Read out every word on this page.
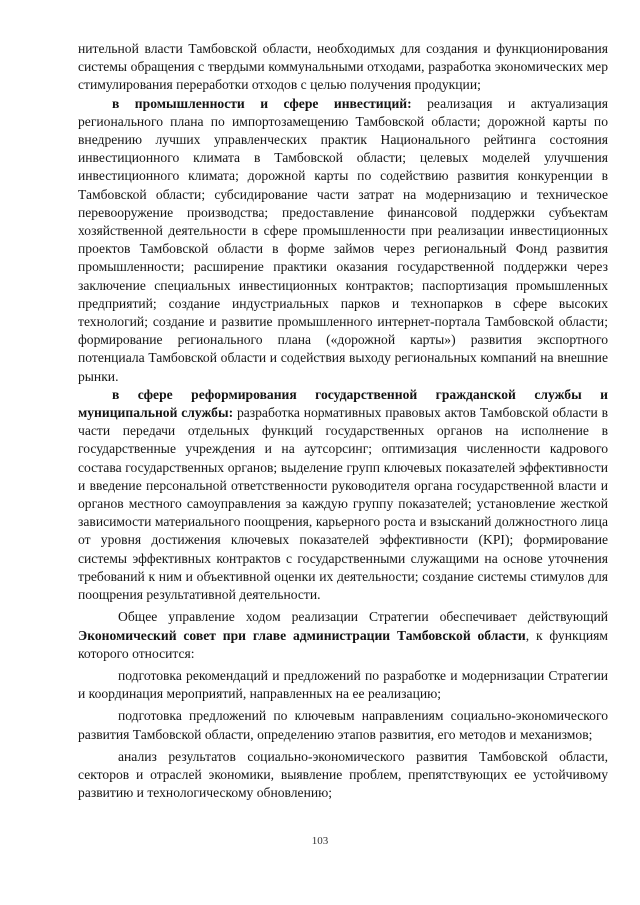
нительной власти Тамбовской области, необходимых для создания и функционирования системы обращения с твердыми коммунальными отходами, разработка экономических мер стимулирования переработки отходов с целью получения продукции;

в промышленности и сфере инвестиций: реализация и актуализация регионального плана по импортозамещению Тамбовской области; дорожной карты по внедрению лучших управленческих практик Национального рейтинга состояния инвестиционного климата в Тамбовской области; целевых моделей улучшения инвестиционного климата; дорожной карты по содействию развития конкуренции в Тамбовской области; субсидирование части затрат на модернизацию и техническое перевооружение производства; предоставление финансовой поддержки субъектам хозяйственной деятельности в сфере промышленности при реализации инвестиционных проектов Тамбовской области в форме займов через региональный Фонд развития промышленности; расширение практики оказания государственной поддержки через заключение специальных инвестиционных контрактов; паспортизация промышленных предприятий; создание индустриальных парков и технопарков в сфере высоких технологий; создание и развитие промышленного интернет-портала Тамбовской области; формирование регионального плана («дорожной карты») развития экспортного потенциала Тамбовской области и содействия выходу региональных компаний на внешние рынки.

в сфере реформирования государственной гражданской службы и муниципальной службы: разработка нормативных правовых актов Тамбовской области в части передачи отдельных функций государственных органов на исполнение в государственные учреждения и на аутсорсинг; оптимизация численности кадрового состава государственных органов; выделение групп ключевых показателей эффективности и введение персональной ответственности руководителя органа государственной власти и органов местного самоуправления за каждую группу показателей; установление жесткой зависимости материального поощрения, карьерного роста и взысканий должностного лица от уровня достижения ключевых показателей эффективности (KPI); формирование системы эффективных контрактов с государственными служащими на основе уточнения требований к ним и объективной оценки их деятельности; создание системы стимулов для поощрения результативной деятельности.

Общее управление ходом реализации Стратегии обеспечивает действующий Экономический совет при главе администрации Тамбовской области, к функциям которого относится:

подготовка рекомендаций и предложений по разработке и модернизации Стратегии и координация мероприятий, направленных на ее реализацию;

подготовка предложений по ключевым направлениям социально-экономического развития Тамбовской области, определению этапов развития, его методов и механизмов;

анализ результатов социально-экономического развития Тамбовской области, секторов и отраслей экономики, выявление проблем, препятствующих ее устойчивому развитию и технологическому обновлению;

103
